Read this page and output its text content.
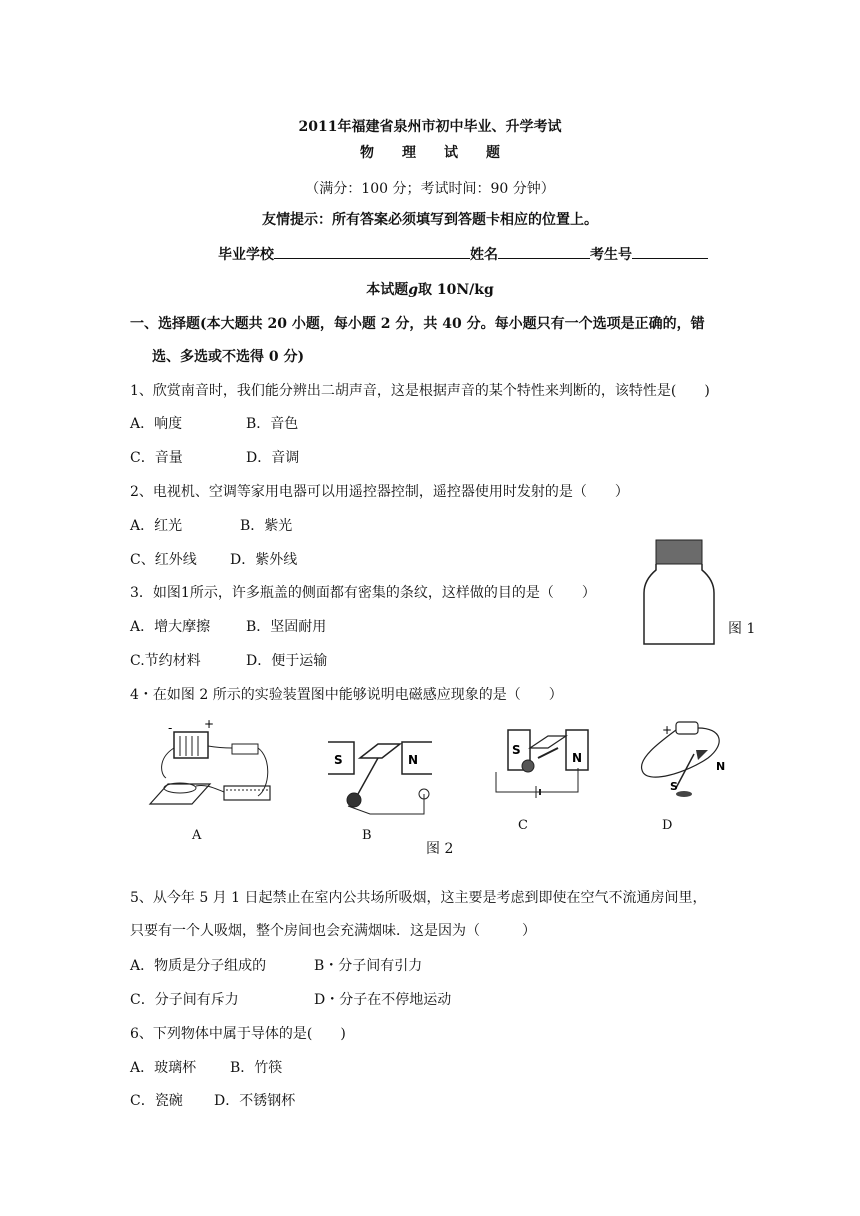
2011年福建省泉州市初中毕业、升学考试
物　　理　　试　　题
（满分：100 分；考试时间：90 分钟）
友情提示：所有答案必须填写到答题卡相应的位置上。
毕业学校	姓名	考生号
本试题g取 10N/kg
一、选择题(本大题共 20 小题，每小题 2 分，共 40 分。每小题只有一个选项是正确的，错
选、多选或不选得 0 分)
1、欣赏南音时，我们能分辨出二胡声音，这是根据声音的某个特性来判断的，该特性是(　　)
A．响度	B．音色
C．音量	D．音调
2、电视机、空调等家用电器可以用遥控器控制，遥控器使用时发射的是（　　）
A．红光	B．紫光
C、红外线 D．紫外线
3．如图1所示，许多瓶盖的侧面都有密集的条纹，这样做的目的是（　　）
A．增大摩擦	B．坚固耐用
C.节约材料	D．便于运输
图 1
4・在如图 2 所示的实验装置图中能够说明电磁感应现象的是（　　）
-	+
A
S	N
B
S
N
C
+
N
S
D
图 2
5、从今年 5 月 1 日起禁止在室内公共场所吸烟，这主要是考虑到即使在空气不流通房间里，
只要有一个人吸烟，整个房间也会充满烟味．这是因为（　　　）
A．物质是分子组成的	B・分子间有引力
C．分子间有斥力	D・分子在不停地运动
6、下列物体中属于导体的是(　　)
A．玻璃杯 B．竹筷
C．瓷碗 D．不锈钢杯
